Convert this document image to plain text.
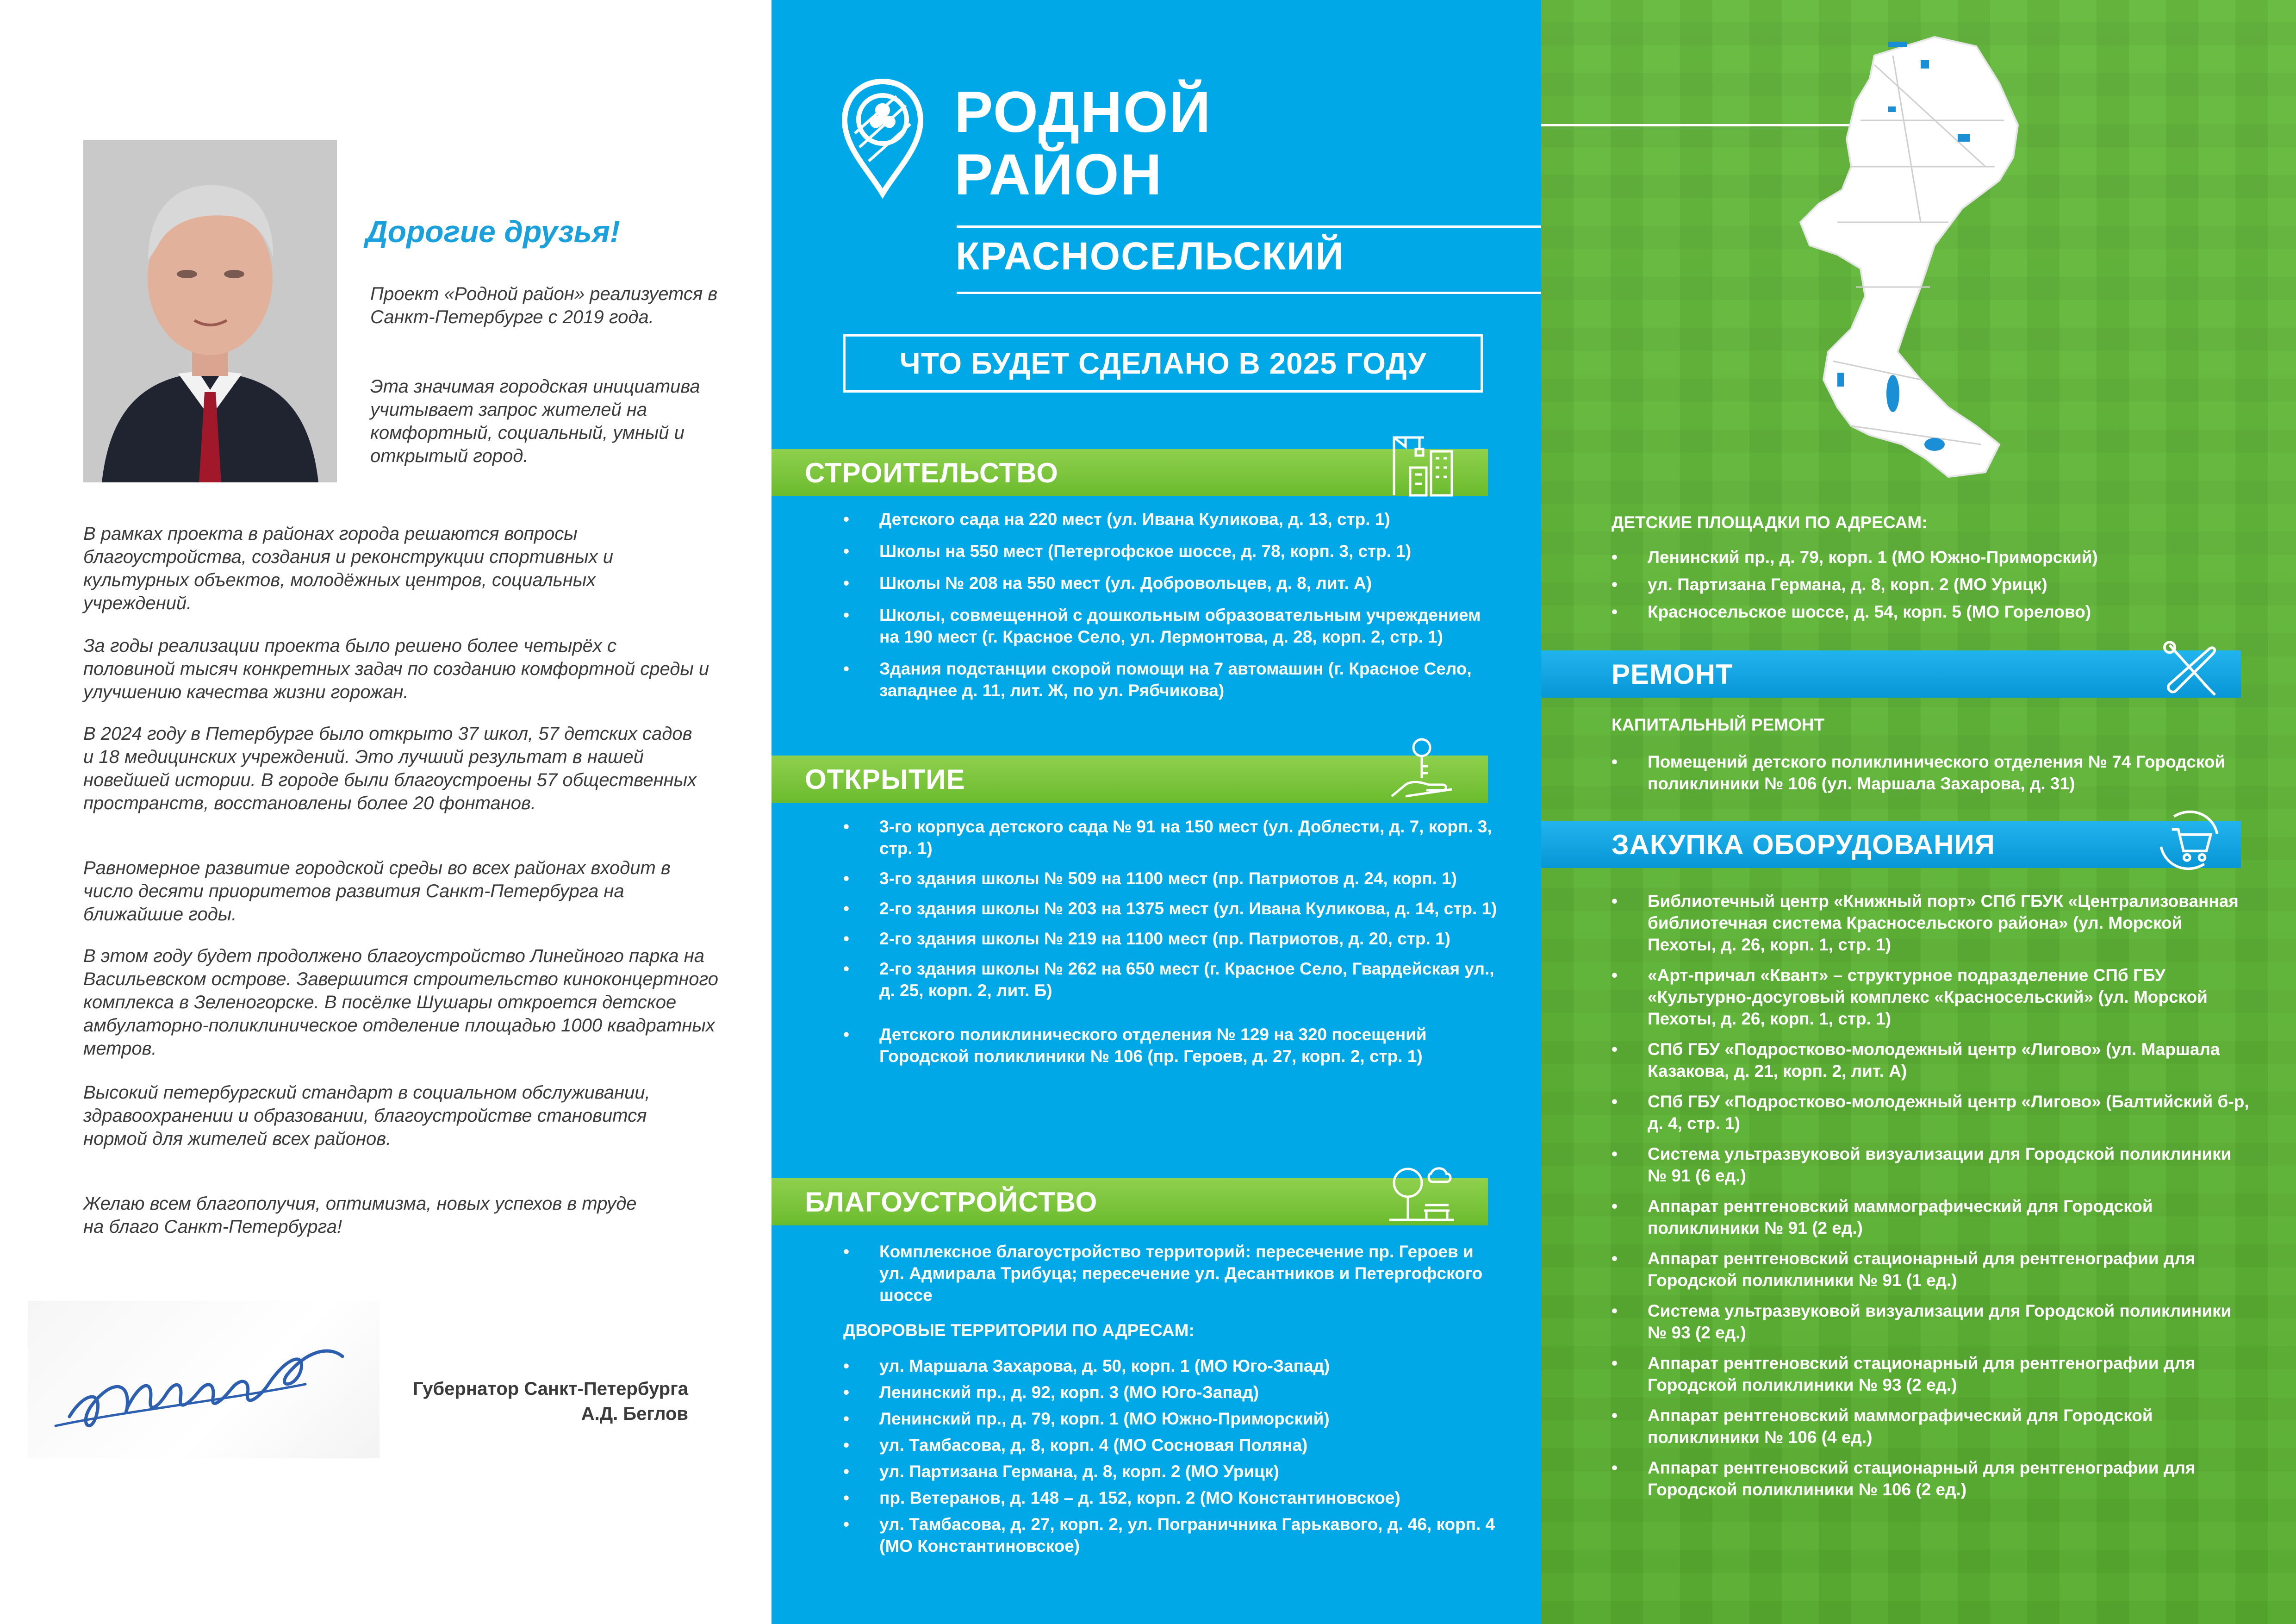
Дорогие друзья!

Проект «Родной район» реализуется в Санкт-Петербурге с 2019 года.

Эта значимая городская инициатива учитывает запрос жителей на комфортный, социальный, умный и открытый город.

В рамках проекта в районах города решаются вопросы благоустройства, создания и реконструкции спортивных и культурных объектов, молодёжных центров, социальных учреждений.

За годы реализации проекта было решено более четырёх с половиной тысяч конкретных задач по созданию комфортной среды и улучшению качества жизни горожан.

В 2024 году в Петербурге было открыто 37 школ, 57 детских садов и 18 медицинских учреждений. Это лучший результат в нашей новейшей истории. В городе были благоустроены 57 общественных пространств, восстановлены более 20 фонтанов.

Равномерное развитие городской среды во всех районах входит в число десяти приоритетов развития Санкт-Петербурга на ближайшие годы.

В этом году будет продолжено благоустройство Линейного парка на Васильевском острове. Завершится строительство киноконцертного комплекса в Зеленогорске. В посёлке Шушары откроется детское амбулаторно-поликлиническое отделение площадью 1000 квадратных метров.

Высокий петербургский стандарт в социальном обслуживании, здравоохранении и образовании, благоустройстве становится нормой для жителей всех районов.

Желаю всем благополучия, оптимизма, новых успехов в труде на благо Санкт-Петербурга!

Губернатор Санкт-Петербурга
А.Д. Беглов
РОДНОЙ
РАЙОН
КРАСНОСЕЛЬСКИЙ
ЧТО БУДЕТ СДЕЛАНО В 2025 ГОДУ
СТРОИТЕЛЬСТВО
• Детского сада на 220 мест (ул. Ивана Куликова, д. 13, стр. 1)
• Школы на 550 мест (Петергофское шоссе, д. 78, корп. 3, стр. 1)
• Школы № 208 на 550 мест (ул. Добровольцев, д. 8, лит. А)
• Школы, совмещенной с дошкольным образовательным учреждением на 190 мест (г. Красное Село, ул. Лермонтова, д. 28, корп. 2, стр. 1)
• Здания подстанции скорой помощи на 7 автомашин (г. Красное Село, западнее д. 11, лит. Ж, по ул. Рябчикова)
ОТКРЫТИЕ
• 3-го корпуса детского сада № 91 на 150 мест (ул. Доблести, д. 7, корп. 3, стр. 1)
• 3-го здания школы № 509 на 1100 мест (пр. Патриотов д. 24, корп. 1)
• 2-го здания школы № 203 на 1375 мест (ул. Ивана Куликова, д. 14, стр. 1)
• 2-го здания школы № 219 на 1100 мест (пр. Патриотов, д. 20, стр. 1)
• 2-го здания школы № 262 на 650 мест (г. Красное Село, Гвардейская ул., д. 25, корп. 2, лит. Б)
• Детского поликлинического отделения № 129 на 320 посещений Городской поликлиники № 106 (пр. Героев, д. 27, корп. 2, стр. 1)
БЛАГОУСТРОЙСТВО
• Комплексное благоустройство территорий: пересечение пр. Героев и ул. Адмирала Трибуца; пересечение ул. Десантников и Петергофского шоссе
ДВОРОВЫЕ ТЕРРИТОРИИ ПО АДРЕСАМ:
• ул. Маршала Захарова, д. 50, корп. 1 (МО Юго-Запад)
• Ленинский пр., д. 92, корп. 3 (МО Юго-Запад)
• Ленинский пр., д. 79, корп. 1 (МО Южно-Приморский)
• ул. Тамбасова, д. 8, корп. 4 (МО Сосновая Поляна)
• ул. Партизана Германа, д. 8, корп. 2 (МО Урицк)
• пр. Ветеранов, д. 148 – д. 152, корп. 2 (МО Константиновское)
• ул. Тамбасова, д. 27, корп. 2, ул. Пограничника Гарькавого, д. 46, корп. 4 (МО Константиновское)
ДЕТСКИЕ ПЛОЩАДКИ ПО АДРЕСАМ:
• Ленинский пр., д. 79, корп. 1 (МО Южно-Приморский)
• ул. Партизана Германа, д. 8, корп. 2 (МО Урицк)
• Красносельское шоссе, д. 54, корп. 5 (МО Горелово)
РЕМОНТ
КАПИТАЛЬНЫЙ РЕМОНТ
• Помещений детского поликлинического отделения № 74 Городской поликлиники № 106 (ул. Маршала Захарова, д. 31)
ЗАКУПКА ОБОРУДОВАНИЯ
• Библиотечный центр «Книжный порт» СПб ГБУК «Централизованная библиотечная система Красносельского района» (ул. Морской Пехоты, д. 26, корп. 1, стр. 1)
• «Арт-причал «Квант» – структурное подразделение СПб ГБУ «Культурно-досуговый комплекс «Красносельский» (ул. Морской Пехоты, д. 26, корп. 1, стр. 1)
• СПб ГБУ «Подростково-молодежный центр «Лигово» (ул. Маршала Казакова, д. 21, корп. 2, лит. А)
• СПб ГБУ «Подростково-молодежный центр «Лигово» (Балтийский б-р, д. 4, стр. 1)
• Система ультразвуковой визуализации для Городской поликлиники № 91 (6 ед.)
• Аппарат рентгеновский маммографический для Городской поликлиники № 91 (2 ед.)
• Аппарат рентгеновский стационарный для рентгенографии для Городской поликлиники № 91 (1 ед.)
• Система ультразвуковой визуализации для Городской поликлиники № 93 (2 ед.)
• Аппарат рентгеновский стационарный для рентгенографии для Городской поликлиники № 93 (2 ед.)
• Аппарат рентгеновский маммографический для Городской поликлиники № 106 (4 ед.)
• Аппарат рентгеновский стационарный для рентгенографии для Городской поликлиники № 106 (2 ед.)
